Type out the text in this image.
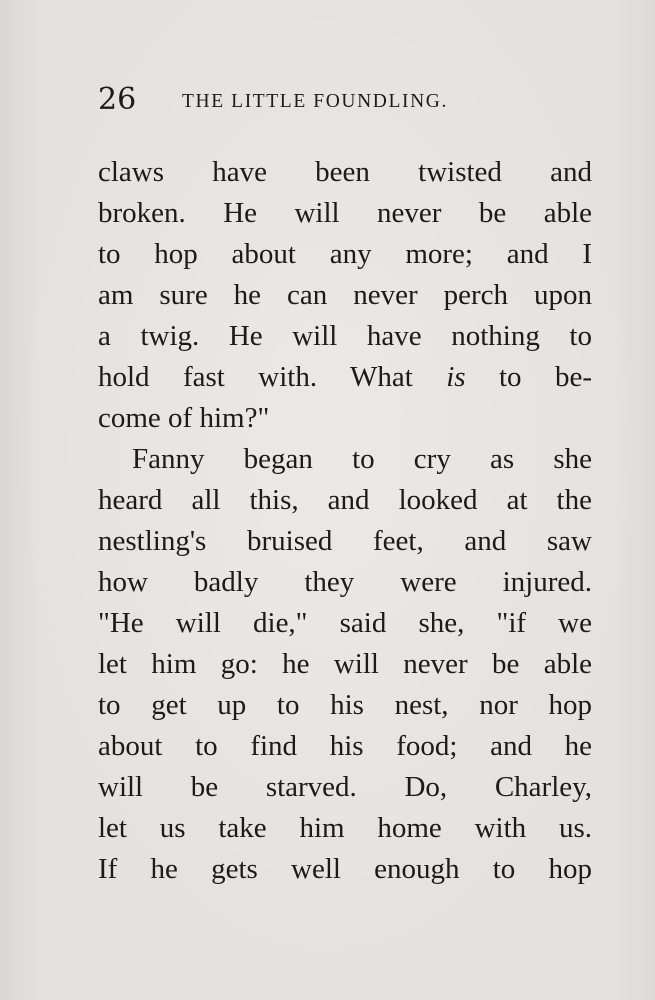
26 THE LITTLE FOUNDLING.
claws have been twisted and
broken. He will never be able
to hop about any more; and I
am sure he can never perch upon
a twig. He will have nothing to
hold fast with. What is to be-
come of him?"
Fanny began to cry as she
heard all this, and looked at the
nestling's bruised feet, and saw
how badly they were injured.
"He will die," said she, "if we
let him go: he will never be able
to get up to his nest, nor hop
about to find his food; and he
will be starved. Do, Charley,
let us take him home with us.
If he gets well enough to hop
